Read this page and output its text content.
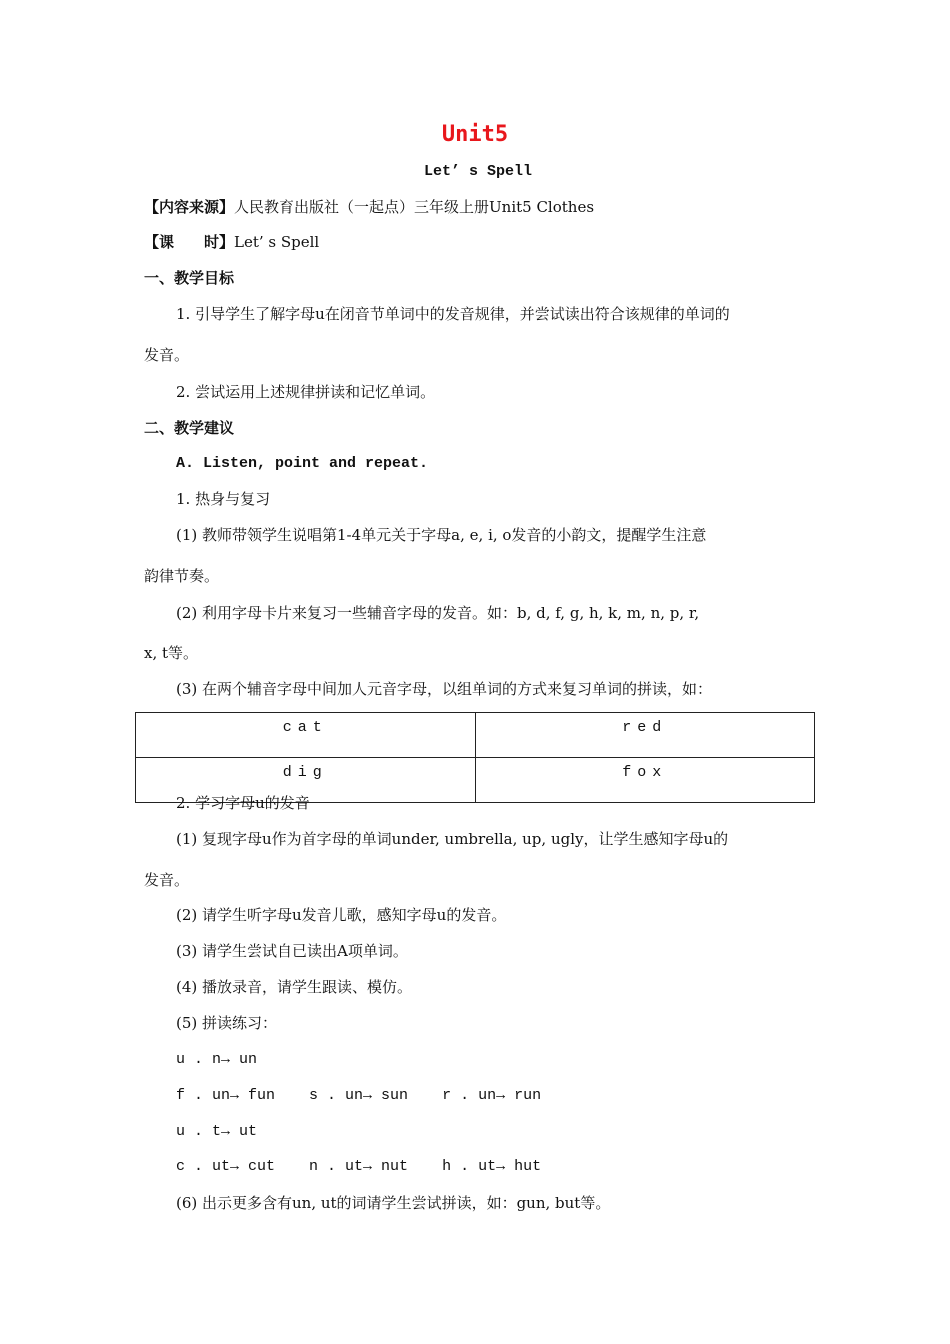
Unit5
Let’ s Spell
【内容来源】人民教育出版社（一起点）三年级上册Unit5 Clothes
【课　　时】Let’ s Spell
一、教学目标
1. 引导学生了解字母u在闭音节单词中的发音规律，并尝试读出符合该规律的单词的
发音。
2. 尝试运用上述规律拼读和记忆单词。
二、教学建议
A. Listen, point and repeat.
1. 热身与复习
(1) 教师带领学生说唱第1-4单元关于字母a, e, i, o发音的小韵文，提醒学生注意
韵律节奏。
(2) 利用字母卡片来复习一些辅音字母的发音。如：b, d, f, g, h, k, m, n, p, r,
x, t等。
(3) 在两个辅音字母中间加人元音字母，以组单词的方式来复习单词的拼读，如：
cat	red
dig	fox
2. 学习字母u的发音
(1) 复现字母u作为首字母的单词under, umbrella, up, ugly，让学生感知字母u的
发音。
(2) 请学生听字母u发音儿歌，感知字母u的发音。
(3) 请学生尝试自已读出A项单词。
(4) 播放录音，请学生跟读、模仿。
(5) 拼读练习：
u . n→ un
f . un→ fun s . un→ sun r . un→ run
u . t→ ut
c . ut→ cut n . ut→ nut h . ut→ hut
(6) 出示更多含有un, ut的词请学生尝试拼读，如：gun, but等。
